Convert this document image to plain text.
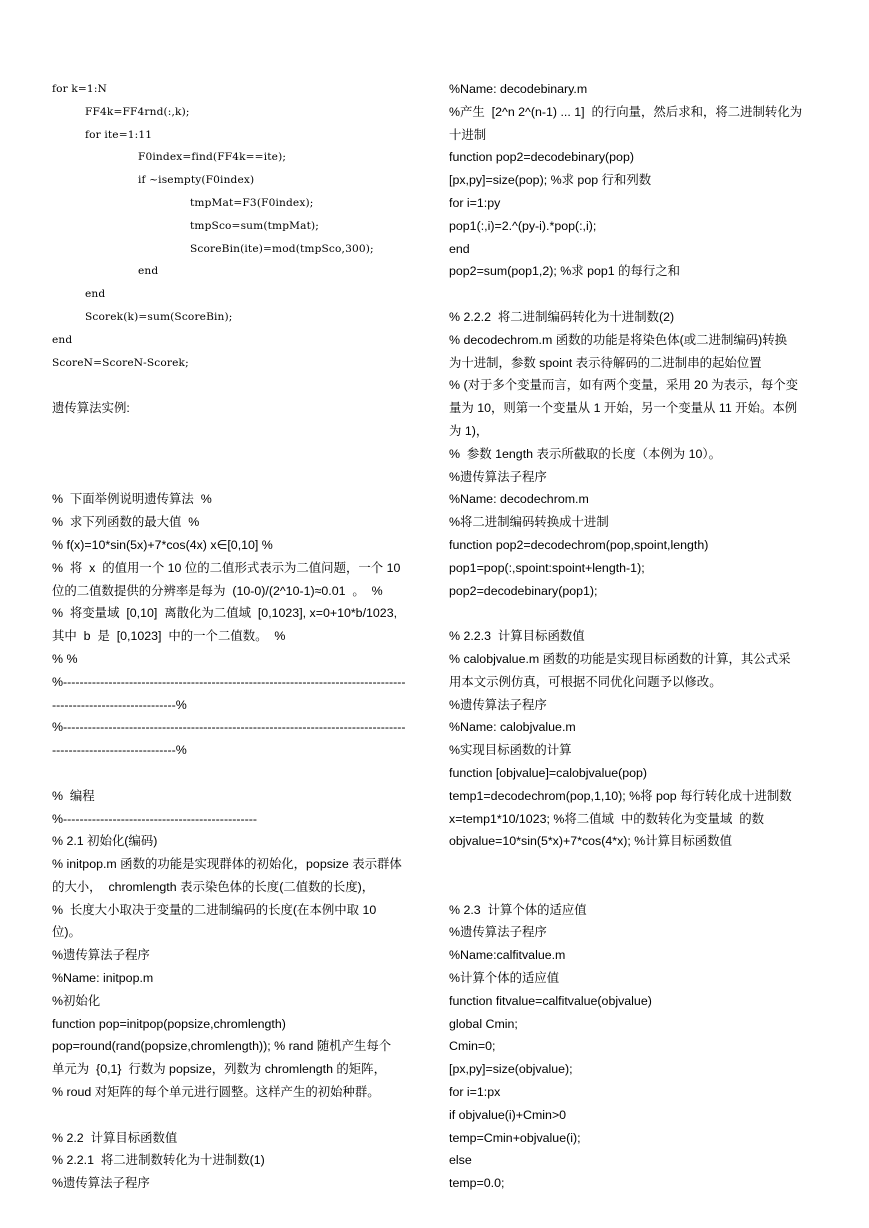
for k=1:N
FF4k=FF4rnd(:,k);
for ite=1:11
F0index=find(FF4k==ite);
if ~isempty(F0index)
tmpMat=F3(F0index);
tmpSco=sum(tmpMat);
ScoreBin(ite)=mod(tmpSco,300);
end
end
Scorek(k)=sum(ScoreBin);
end
ScoreN=ScoreN-Scorek;
遗传算法实例:
%  下面举例说明遗传算法  %
%  求下列函数的最大值  %
% f(x)=10*sin(5x)+7*cos(4x) x∈[0,10] %
%  将  x  的值用一个 10 位的二值形式表示为二值问题，一个 10
位的二值数提供的分辨率是每为  (10-0)/(2^10-1)≈0.01  。  %
%  将变量域  [0,10]  离散化为二值域  [0,1023], x=0+10*b/1023,
其中  b  是  [0,1023]  中的一个二值数。  %
% %
%-----------------------------------------------------------------------------------
------------------------------%
%-----------------------------------------------------------------------------------
------------------------------%
%  编程
%-----------------------------------------------
% 2.1 初始化(编码)
% initpop.m 函数的功能是实现群体的初始化，popsize 表示群体
的大小，  chromlength 表示染色体的长度(二值数的长度)，
%  长度大小取决于变量的二进制编码的长度(在本例中取 10
位)。
%遗传算法子程序
%Name: initpop.m
%初始化
function pop=initpop(popsize,chromlength)
pop=round(rand(popsize,chromlength)); % rand 随机产生每个
单元为  {0,1}  行数为 popsize，列数为 chromlength 的矩阵，
% roud 对矩阵的每个单元进行圆整。这样产生的初始种群。
% 2.2  计算目标函数值
% 2.2.1  将二进制数转化为十进制数(1)
%遗传算法子程序
%Name: decodebinary.m
%产生  [2^n 2^(n-1) ... 1]  的行向量，然后求和，将二进制转化为
十进制
function pop2=decodebinary(pop)
[px,py]=size(pop); %求 pop 行和列数
for i=1:py
pop1(:,i)=2.^(py-i).*pop(:,i);
end
pop2=sum(pop1,2); %求 pop1 的每行之和
% 2.2.2  将二进制编码转化为十进制数(2)
% decodechrom.m 函数的功能是将染色体(或二进制编码)转换
为十进制，参数 spoint 表示待解码的二进制串的起始位置
% (对于多个变量而言，如有两个变量，采用 20 为表示，每个变
量为 10，则第一个变量从 1 开始，另一个变量从 11 开始。本例
为 1)，
%  参数 1ength 表示所截取的长度（本例为 10）。
%遗传算法子程序
%Name: decodechrom.m
%将二进制编码转换成十进制
function pop2=decodechrom(pop,spoint,length)
pop1=pop(:,spoint:spoint+length-1);
pop2=decodebinary(pop1);
% 2.2.3  计算目标函数值
% calobjvalue.m 函数的功能是实现目标函数的计算，其公式采
用本文示例仿真，可根据不同优化问题予以修改。
%遗传算法子程序
%Name: calobjvalue.m
%实现目标函数的计算
function [objvalue]=calobjvalue(pop)
temp1=decodechrom(pop,1,10); %将 pop 每行转化成十进制数
x=temp1*10/1023; %将二值域  中的数转化为变量域  的数
objvalue=10*sin(5*x)+7*cos(4*x); %计算目标函数值
% 2.3  计算个体的适应值
%遗传算法子程序
%Name:calfitvalue.m
%计算个体的适应值
function fitvalue=calfitvalue(objvalue)
global Cmin;
Cmin=0;
[px,py]=size(objvalue);
for i=1:px
if objvalue(i)+Cmin>0
temp=Cmin+objvalue(i);
else
temp=0.0;
